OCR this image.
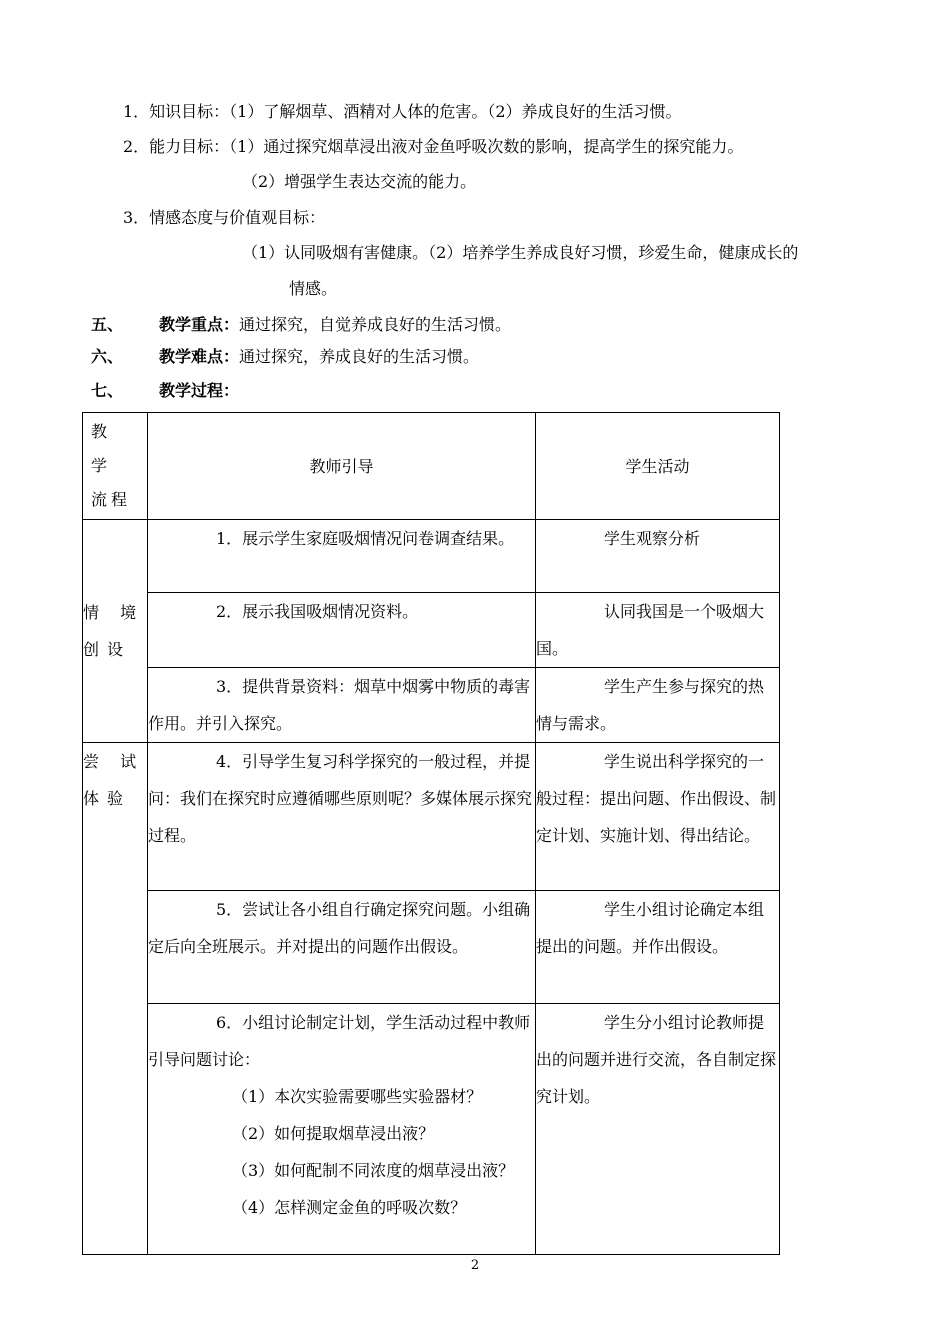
1．知识目标：（1）了解烟草、酒精对人体的危害。（2）养成良好的生活习惯。
2．能力目标：（1）通过探究烟草浸出液对金鱼呼吸次数的影响，提高学生的探究能力。
（2）增强学生表达交流的能力。
3．情感态度与价值观目标：
（1）认同吸烟有害健康。（2）培养学生养成良好习惯，珍爱生命，健康成长的
情感。
五、 教学重点：通过探究，自觉养成良好的生活习惯。
六、 教学难点：通过探究，养成良好的生活习惯。
七、 教学过程：
教 学 流程	教师引导	学生活动
情 境 创设	1．展示学生家庭吸烟情况问卷调查结果。	学生观察分析
	2．展示我国吸烟情况资料。	认同我国是一个吸烟大国。
	3．提供背景资料：烟草中烟雾中物质的毒害作用。并引入探究。	学生产生参与探究的热情与需求。
尝 试 体验	4．引导学生复习科学探究的一般过程，并提问：我们在探究时应遵循哪些原则呢？多媒体展示探究过程。	学生说出科学探究的一般过程：提出问题、作出假设、制定计划、实施计划、得出结论。
	5．尝试让各小组自行确定探究问题。小组确定后向全班展示。并对提出的问题作出假设。	学生小组讨论确定本组提出的问题。并作出假设。

	6．小组讨论制定计划，学生活动过程中教师引导问题讨论：
（1）本次实验需要哪些实验器材？
（2）如何提取烟草浸出液？
（3）如何配制不同浓度的烟草浸出液？
（4）怎样测定金鱼的呼吸次数？	学生分小组讨论教师提出的问题并进行交流，各自制定探究计划。
2
